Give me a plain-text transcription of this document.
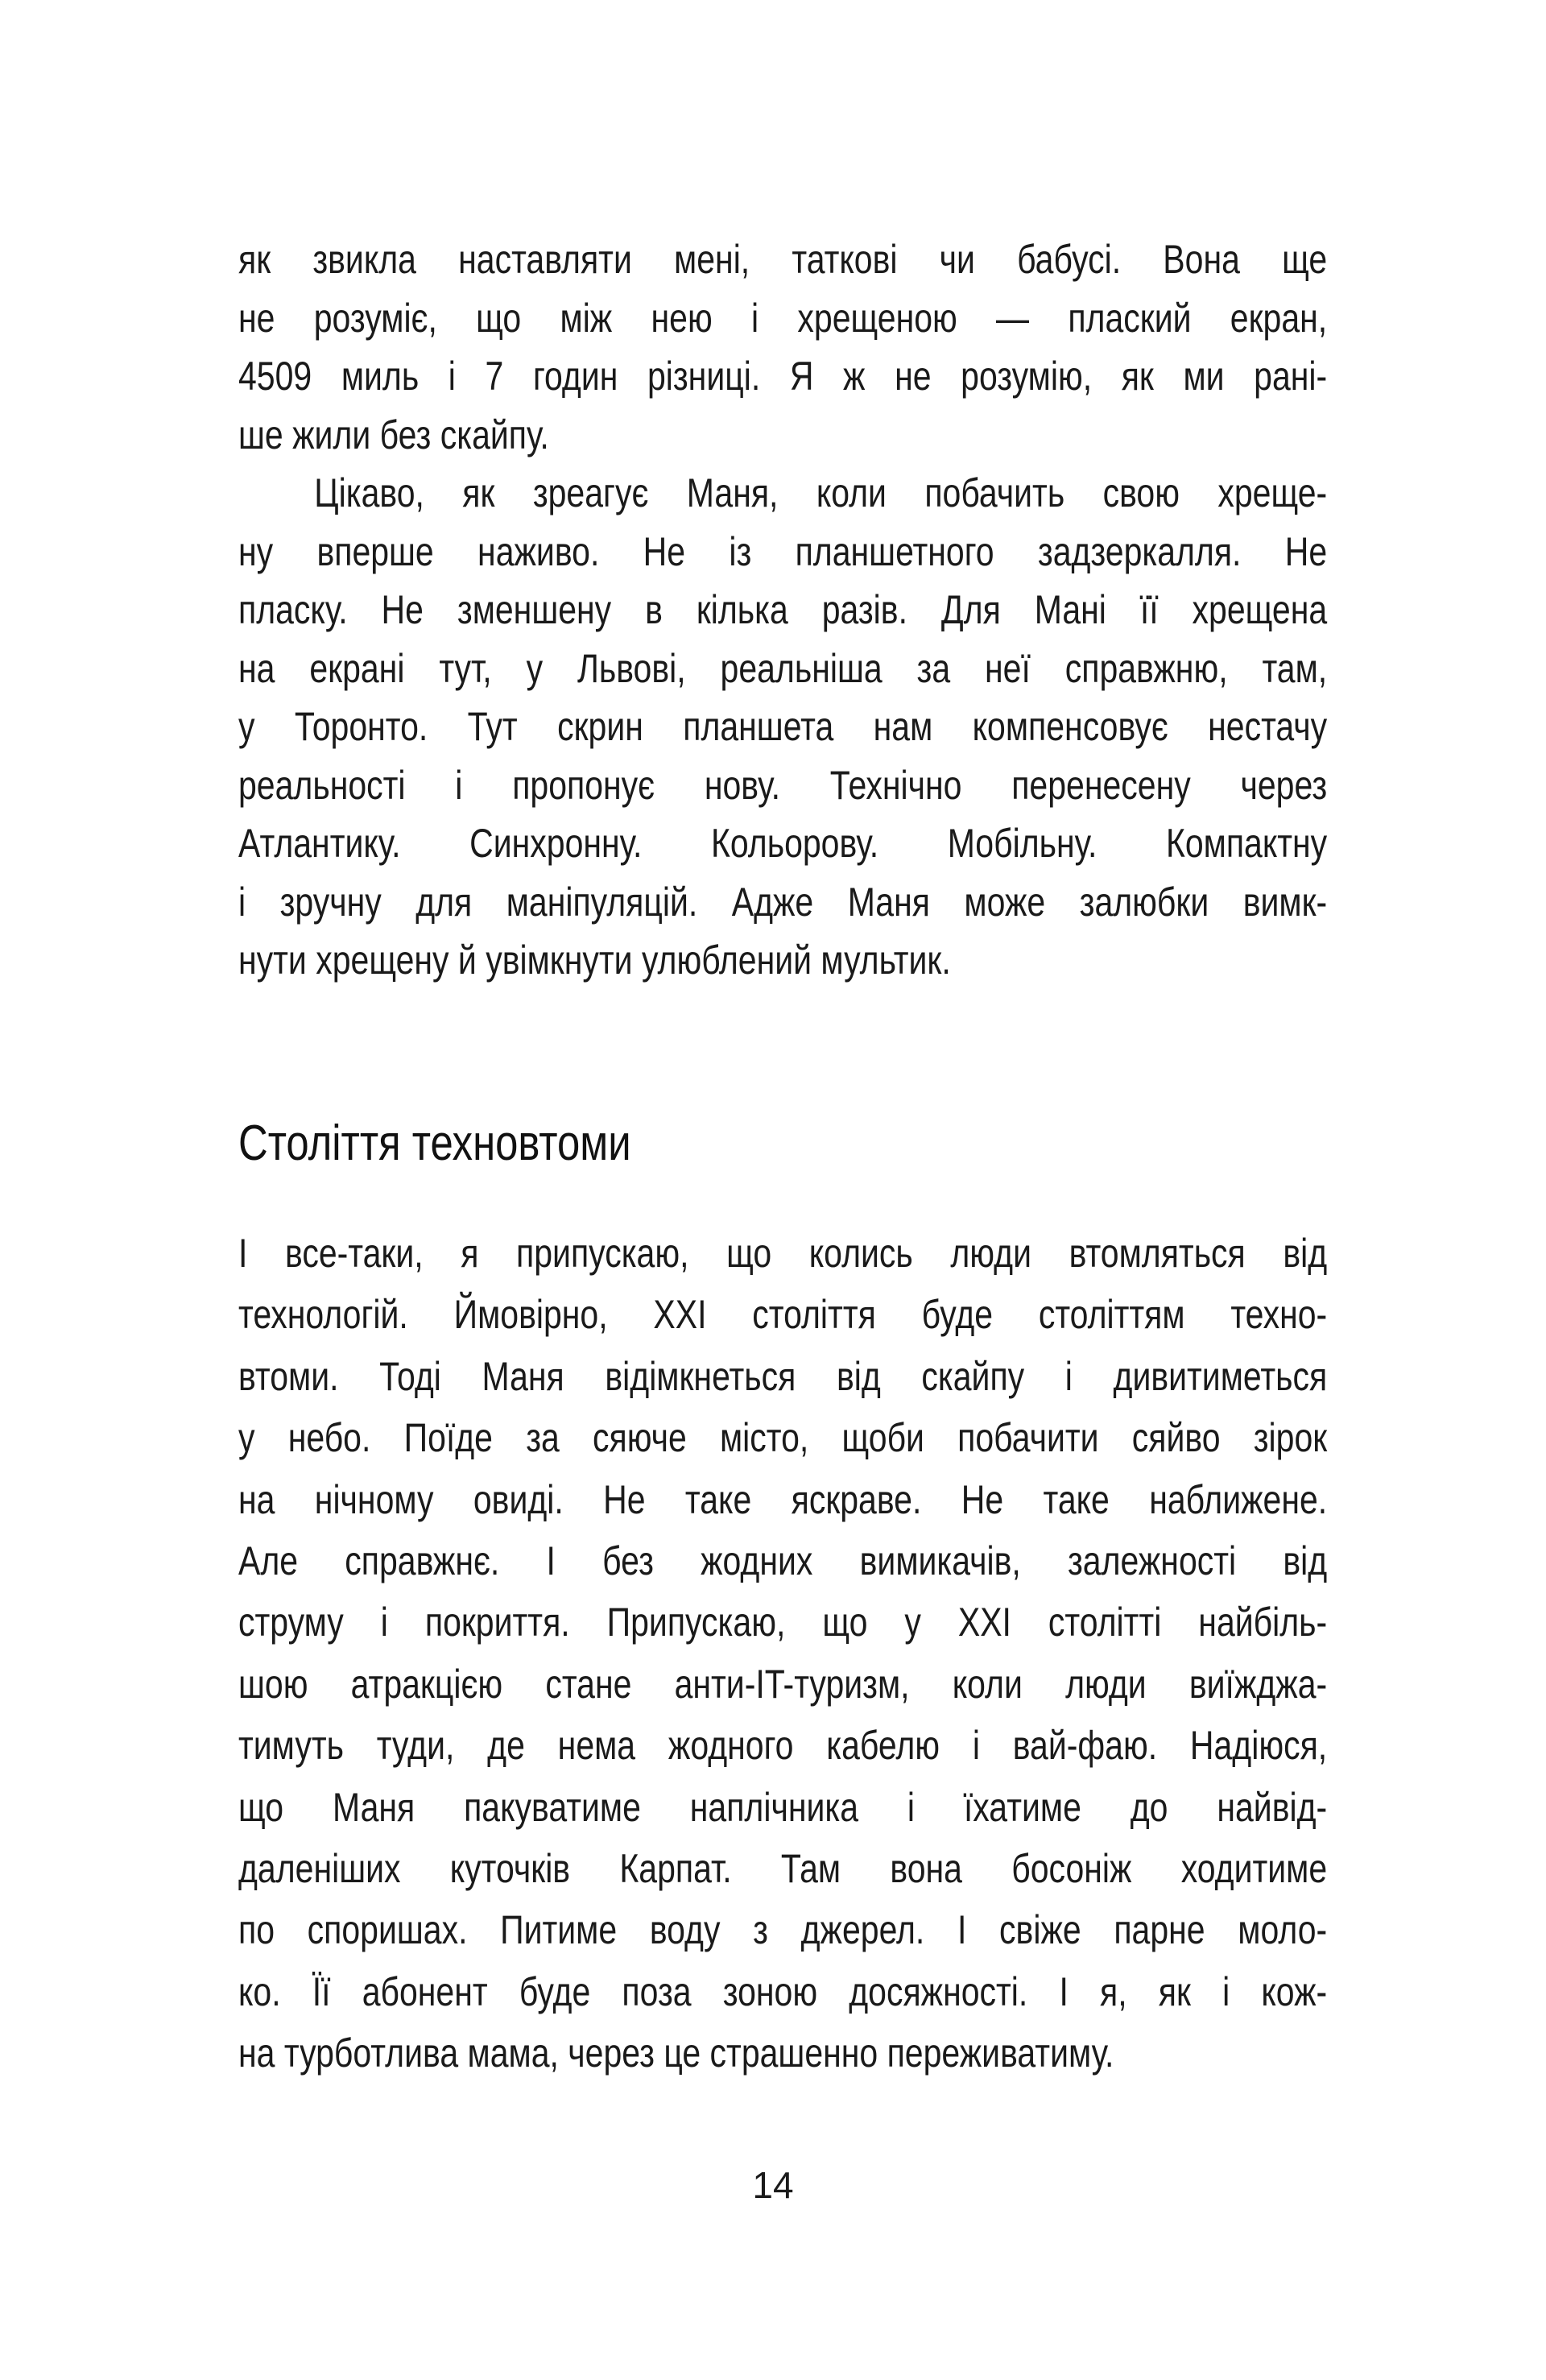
як звикла наставляти мені, таткові чи бабусі. Вона ще
не розуміє, що між нею і хрещеною — плаский екран,
4509 миль і 7 годин різниці. Я ж не розумію, як ми рані-
ше жили без скайпу.
Цікаво, як зреагує Маня, коли побачить свою хреще-
ну вперше наживо. Не із планшетного задзеркалля. Не
пласку. Не зменшену в кілька разів. Для Мані її хрещена
на екрані тут, у Львові, реальніша за неї справжню, там,
у Торонто. Тут скрин планшета нам компенсовує нестачу
реальності і пропонує нову. Технічно перенесену через
Атлантику. Синхронну. Кольорову. Мобільну. Компактну
і зручну для маніпуляцій. Адже Маня може залюбки вимк-
нути хрещену й увімкнути улюблений мультик.
Століття техновтоми
І все-таки, я припускаю, що колись люди втомляться від
технологій. Ймовірно, XXI століття буде століттям техно-
втоми. Тоді Маня відімкнеться від скайпу і дивитиметься
у небо. Поїде за сяюче місто, щоби побачити сяйво зірок
на нічному овиді. Не таке яскраве. Не таке наближене.
Але справжнє. І без жодних вимикачів, залежності від
струму і покриття. Припускаю, що у XXI столітті найбіль-
шою атракцією стане анти-IT-туризм, коли люди виїжджа-
тимуть туди, де нема жодного кабелю і вай-фаю. Надіюся,
що Маня пакуватиме наплічника і їхатиме до найвід-
даленіших куточків Карпат. Там вона босоніж ходитиме
по споришах. Питиме воду з джерел. І свіже парне моло-
ко. Її абонент буде поза зоною досяжності. І я, як і кож-
на турботлива мама, через це страшенно переживатиму.
14
